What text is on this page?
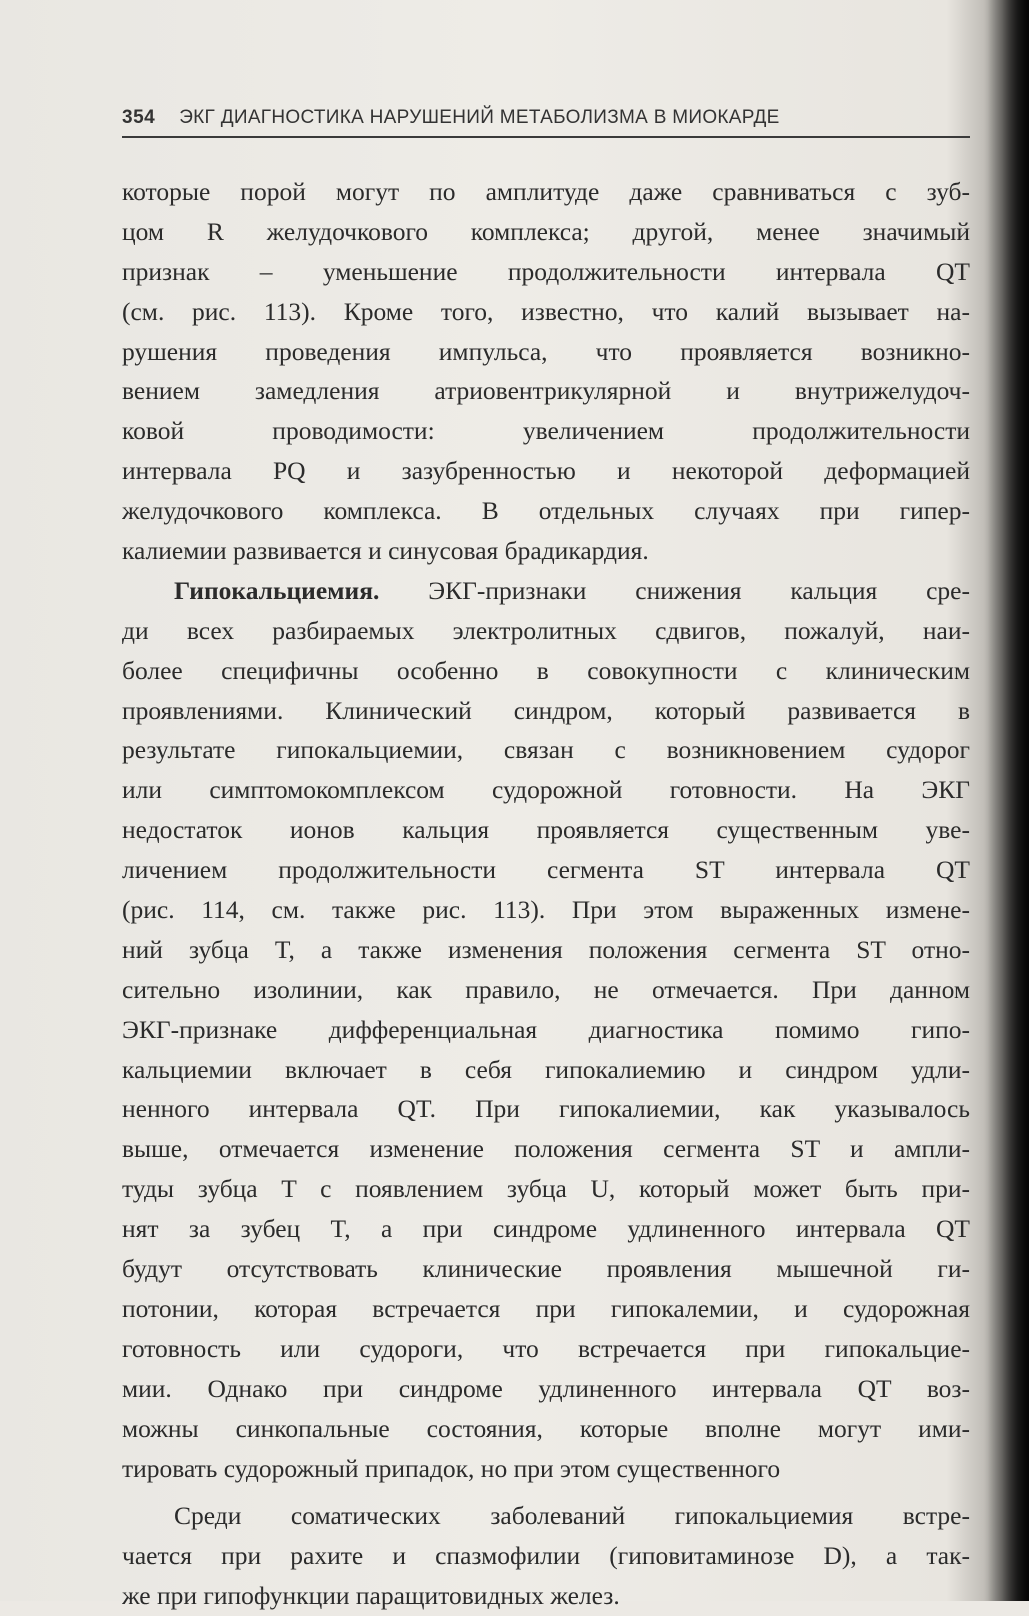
354 ЭКГ ДИАГНОСТИКА НАРУШЕНИЙ МЕТАБОЛИЗМА В МИОКАРДЕ
которые порой могут по амплитуде даже сравниваться с зуб-
цом R желудочкового комплекса; другой, менее значимый
признак – уменьшение продолжительности интервала QT
(см. рис. 113). Кроме того, известно, что калий вызывает на-
рушения проведения импульса, что проявляется возникно-
вением замедления атриовентрикулярной и внутрижелудоч-
ковой проводимости: увеличением продолжительности
интервала PQ и зазубренностью и некоторой деформацией
желудочкового комплекса. В отдельных случаях при гипер-
калиемии развивается и синусовая брадикардия.
Гипокальциемия. ЭКГ-признаки снижения кальция сре-
ди всех разбираемых электролитных сдвигов, пожалуй, наи-
более специфичны особенно в совокупности с клиническим
проявлениями. Клинический синдром, который развивается в
результате гипокальциемии, связан с возникновением судорог
или симптомокомплексом судорожной готовности. На ЭКГ
недостаток ионов кальция проявляется существенным уве-
личением продолжительности сегмента ST интервала QT
(рис. 114, см. также рис. 113). При этом выраженных измене-
ний зубца T, а также изменения положения сегмента ST отно-
сительно изолинии, как правило, не отмечается. При данном
ЭКГ-признаке дифференциальная диагностика помимо гипо-
кальциемии включает в себя гипокалиемию и синдром удли-
ненного интервала QT. При гипокалиемии, как указывалось
выше, отмечается изменение положения сегмента ST и ампли-
туды зубца T с появлением зубца U, который может быть при-
нят за зубец T, а при синдроме удлиненного интервала QT
будут отсутствовать клинические проявления мышечной ги-
потонии, которая встречается при гипокалемии, и судорожная
готовность или судороги, что встречается при гипокальцие-
мии. Однако при синдроме удлиненного интервала QT воз-
можны синкопальные состояния, которые вполне могут ими-
тировать судорожный припадок, но при этом существенного
Среди соматических заболеваний гипокальциемия встре-
чается при рахите и спазмофилии (гиповитаминозе D), а так-
же при гипофункции паращитовидных желез.
